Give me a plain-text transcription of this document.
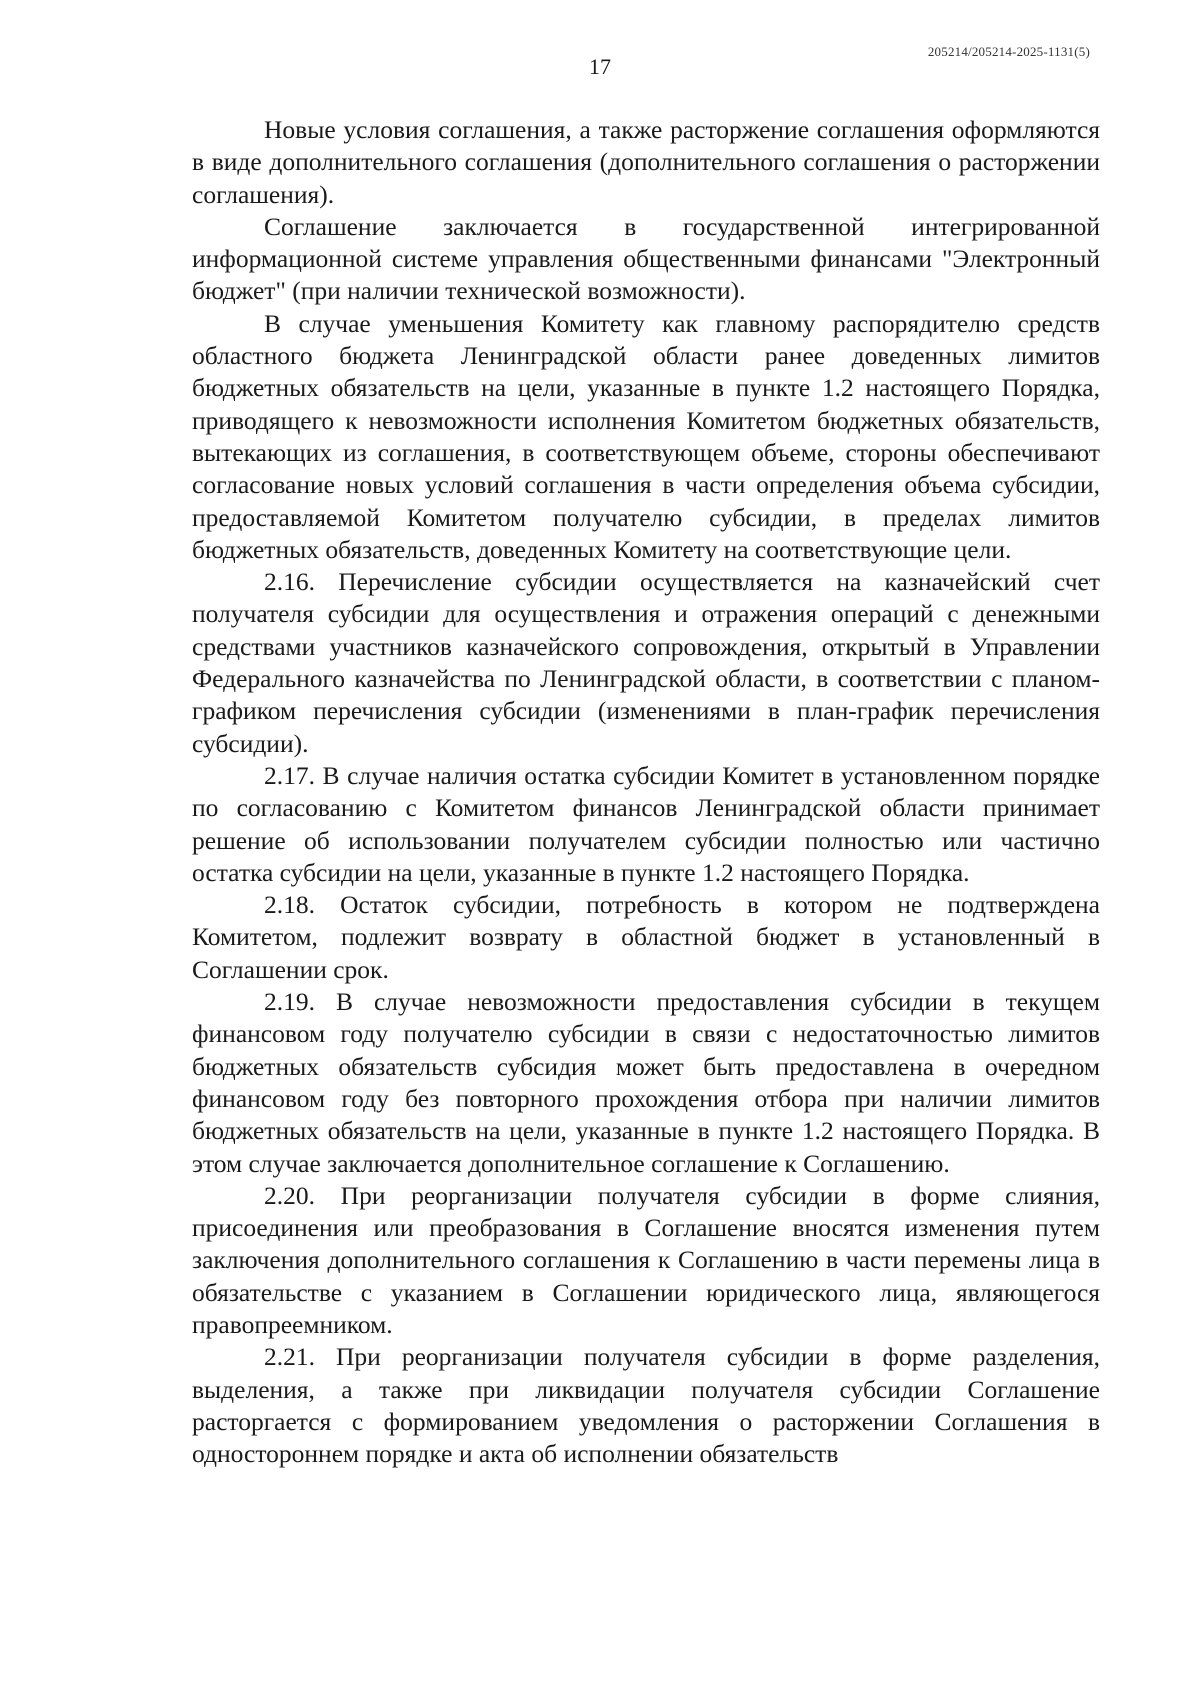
205214/205214-2025-1131(5)
17

Новые условия соглашения, а также расторжение соглашения оформляются в виде дополнительного соглашения (дополнительного соглашения о расторжении соглашения).

Соглашение заключается в государственной интегрированной информационной системе управления общественными финансами "Электронный бюджет" (при наличии технической возможности).

В случае уменьшения Комитету как главному распорядителю средств областного бюджета Ленинградской области ранее доведенных лимитов бюджетных обязательств на цели, указанные в пункте 1.2 настоящего Порядка, приводящего к невозможности исполнения Комитетом бюджетных обязательств, вытекающих из соглашения, в соответствующем объеме, стороны обеспечивают согласование новых условий соглашения в части определения объема субсидии, предоставляемой Комитетом получателю субсидии, в пределах лимитов бюджетных обязательств, доведенных Комитету на соответствующие цели.

2.16. Перечисление субсидии осуществляется на казначейский счет получателя субсидии для осуществления и отражения операций с денежными средствами участников казначейского сопровождения, открытый в Управлении Федерального казначейства по Ленинградской области, в соответствии с планом-графиком перечисления субсидии (изменениями в план-график перечисления субсидии).

2.17. В случае наличия остатка субсидии Комитет в установленном порядке по согласованию с Комитетом финансов Ленинградской области принимает решение об использовании получателем субсидии полностью или частично остатка субсидии на цели, указанные в пункте 1.2 настоящего Порядка.

2.18. Остаток субсидии, потребность в котором не подтверждена Комитетом, подлежит возврату в областной бюджет в установленный в Соглашении срок.

2.19. В случае невозможности предоставления субсидии в текущем финансовом году получателю субсидии в связи с недостаточностью лимитов бюджетных обязательств субсидия может быть предоставлена в очередном финансовом году без повторного прохождения отбора при наличии лимитов бюджетных обязательств на цели, указанные в пункте 1.2 настоящего Порядка. В этом случае заключается дополнительное соглашение к Соглашению.

2.20. При реорганизации получателя субсидии в форме слияния, присоединения или преобразования в Соглашение вносятся изменения путем заключения дополнительного соглашения к Соглашению в части перемены лица в обязательстве с указанием в Соглашении юридического лица, являющегося правопреемником.

2.21. При реорганизации получателя субсидии в форме разделения, выделения, а также при ликвидации получателя субсидии Соглашение расторгается с формированием уведомления о расторжении Соглашения в одностороннем порядке и акта об исполнении обязательств
